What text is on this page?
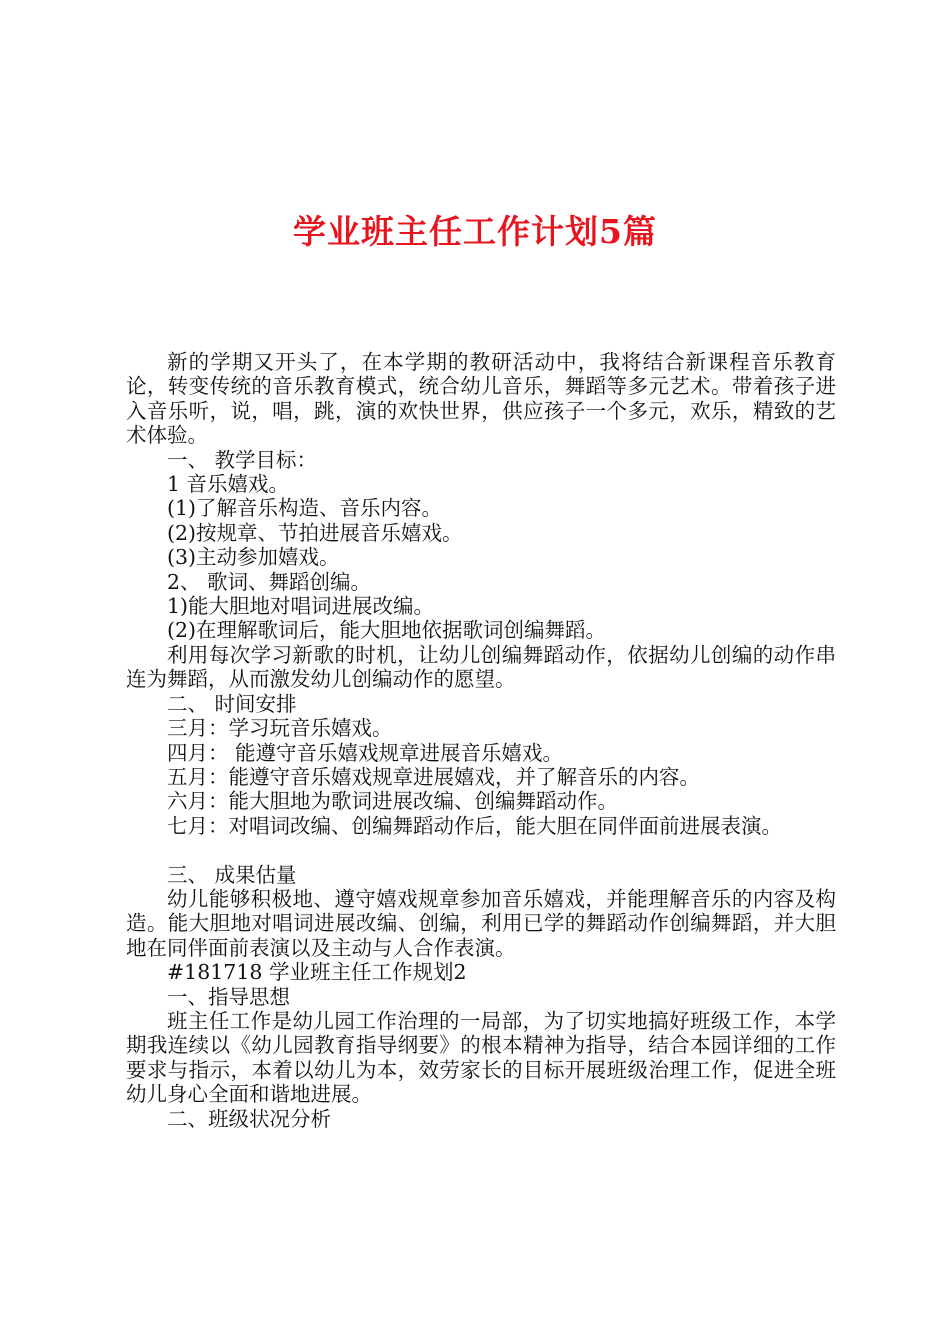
学业班主任工作计划5篇

新的学期又开头了，在本学期的教研活动中，我将结合新课程音乐教育论，转变传统的音乐教育模式，统合幼儿音乐，舞蹈等多元艺术。带着孩子进入音乐听，说，唱，跳，演的欢快世界，供应孩子一个多元，欢乐，精致的艺术体验。

一、 教学目标：

1 音乐嬉戏。

(1)了解音乐构造、音乐内容。

(2)按规章、节拍进展音乐嬉戏。

(3)主动参加嬉戏。

2、 歌词、舞蹈创编。

1)能大胆地对唱词进展改编。

(2)在理解歌词后，能大胆地依据歌词创编舞蹈。

利用每次学习新歌的时机，让幼儿创编舞蹈动作，依据幼儿创编的动作串连为舞蹈，从而激发幼儿创编动作的愿望。

二、 时间安排

三月：学习玩音乐嬉戏。

四月： 能遵守音乐嬉戏规章进展音乐嬉戏。

五月：能遵守音乐嬉戏规章进展嬉戏，并了解音乐的内容。

六月：能大胆地为歌词进展改编、创编舞蹈动作。

七月：对唱词改编、创编舞蹈动作后，能大胆在同伴面前进展表演。

三、 成果估量

幼儿能够积极地、遵守嬉戏规章参加音乐嬉戏，并能理解音乐的内容及构造。能大胆地对唱词进展改编、创编，利用已学的舞蹈动作创编舞蹈，并大胆地在同伴面前表演以及主动与人合作表演。

#181718 学业班主任工作规划2

一、指导思想

班主任工作是幼儿园工作治理的一局部，为了切实地搞好班级工作，本学期我连续以《幼儿园教育指导纲要》的根本精神为指导，结合本园详细的工作要求与指示，本着以幼儿为本，效劳家长的目标开展班级治理工作，促进全班幼儿身心全面和谐地进展。

二、班级状况分析
